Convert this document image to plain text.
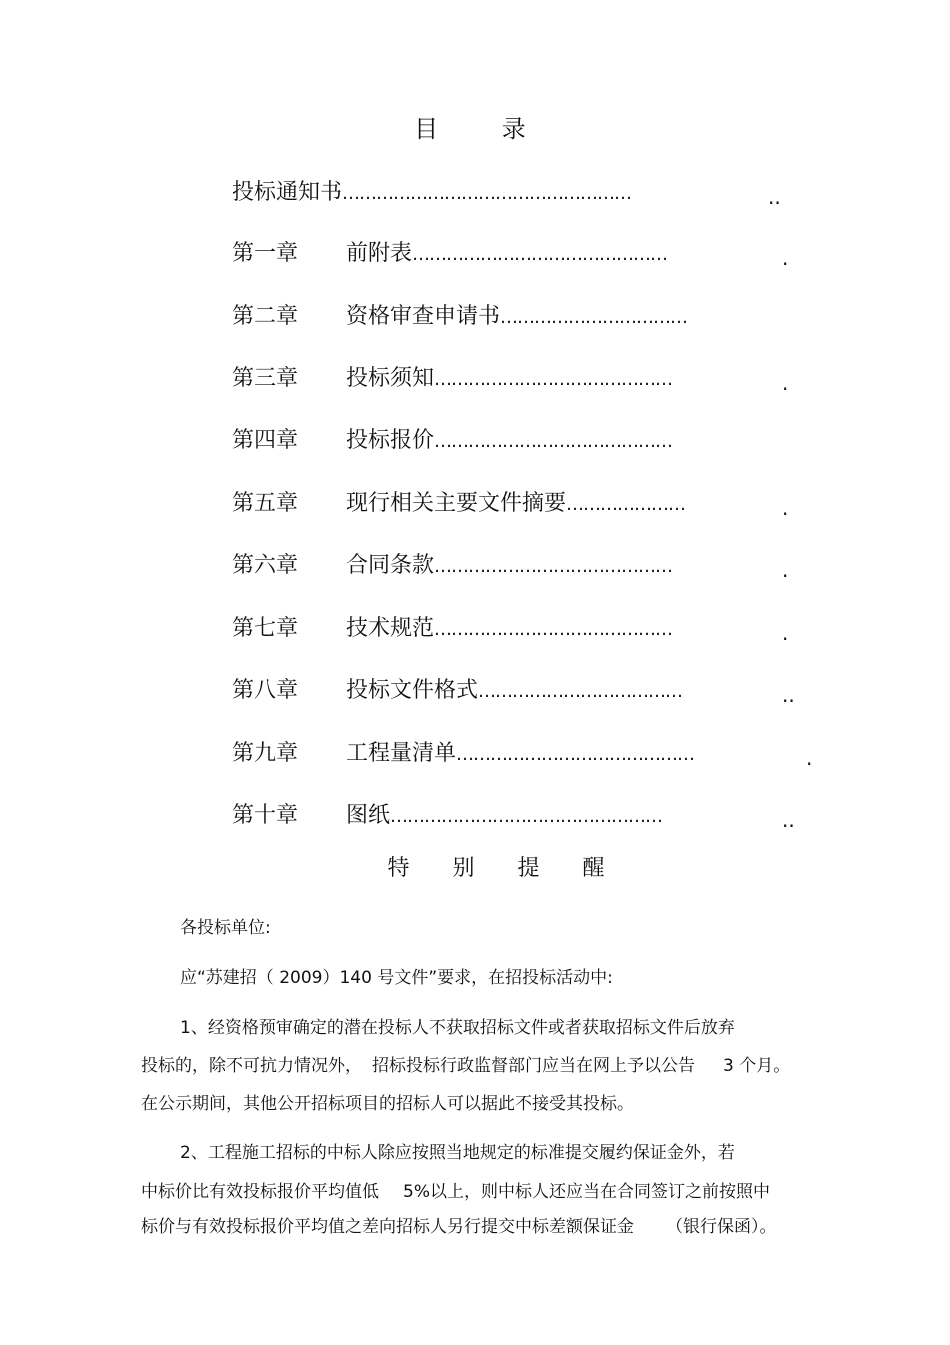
目 录
投标通知书……………………………………………	..
第一章 前附表………………………………………	.
第二章 资格审查申请书……………………………
第三章 投标须知……………………………………	.
第四章 投标报价……………………………………
第五章 现行相关主要文件摘要…………………	.
第六章 合同条款……………………………………	.
第七章 技术规范……………………………………	.
第八章 投标文件格式………………………………	..
第九章 工程量清单……………………………………	.
第十章 图纸…………………………………………	..
特 别 提 醒
各投标单位:
应“苏建招（ 2009）140 号文件”要求，在招投标活动中:
1、经资格预审确定的潜在投标人不获取招标文件或者获取招标文件后放弃
投标的，除不可抗力情况外， 招标投标行政监督部门应当在网上予以公告 3 个月。
在公示期间，其他公开招标项目的招标人可以据此不接受其投标。
2、工程施工招标的中标人除应按照当地规定的标准提交履约保证金外，若
中标价比有效投标报价平均值低 5%以上，则中标人还应当在合同签订之前按照中
标价与有效投标报价平均值之差向招标人另行提交中标差额保证金 （银行保函）。
